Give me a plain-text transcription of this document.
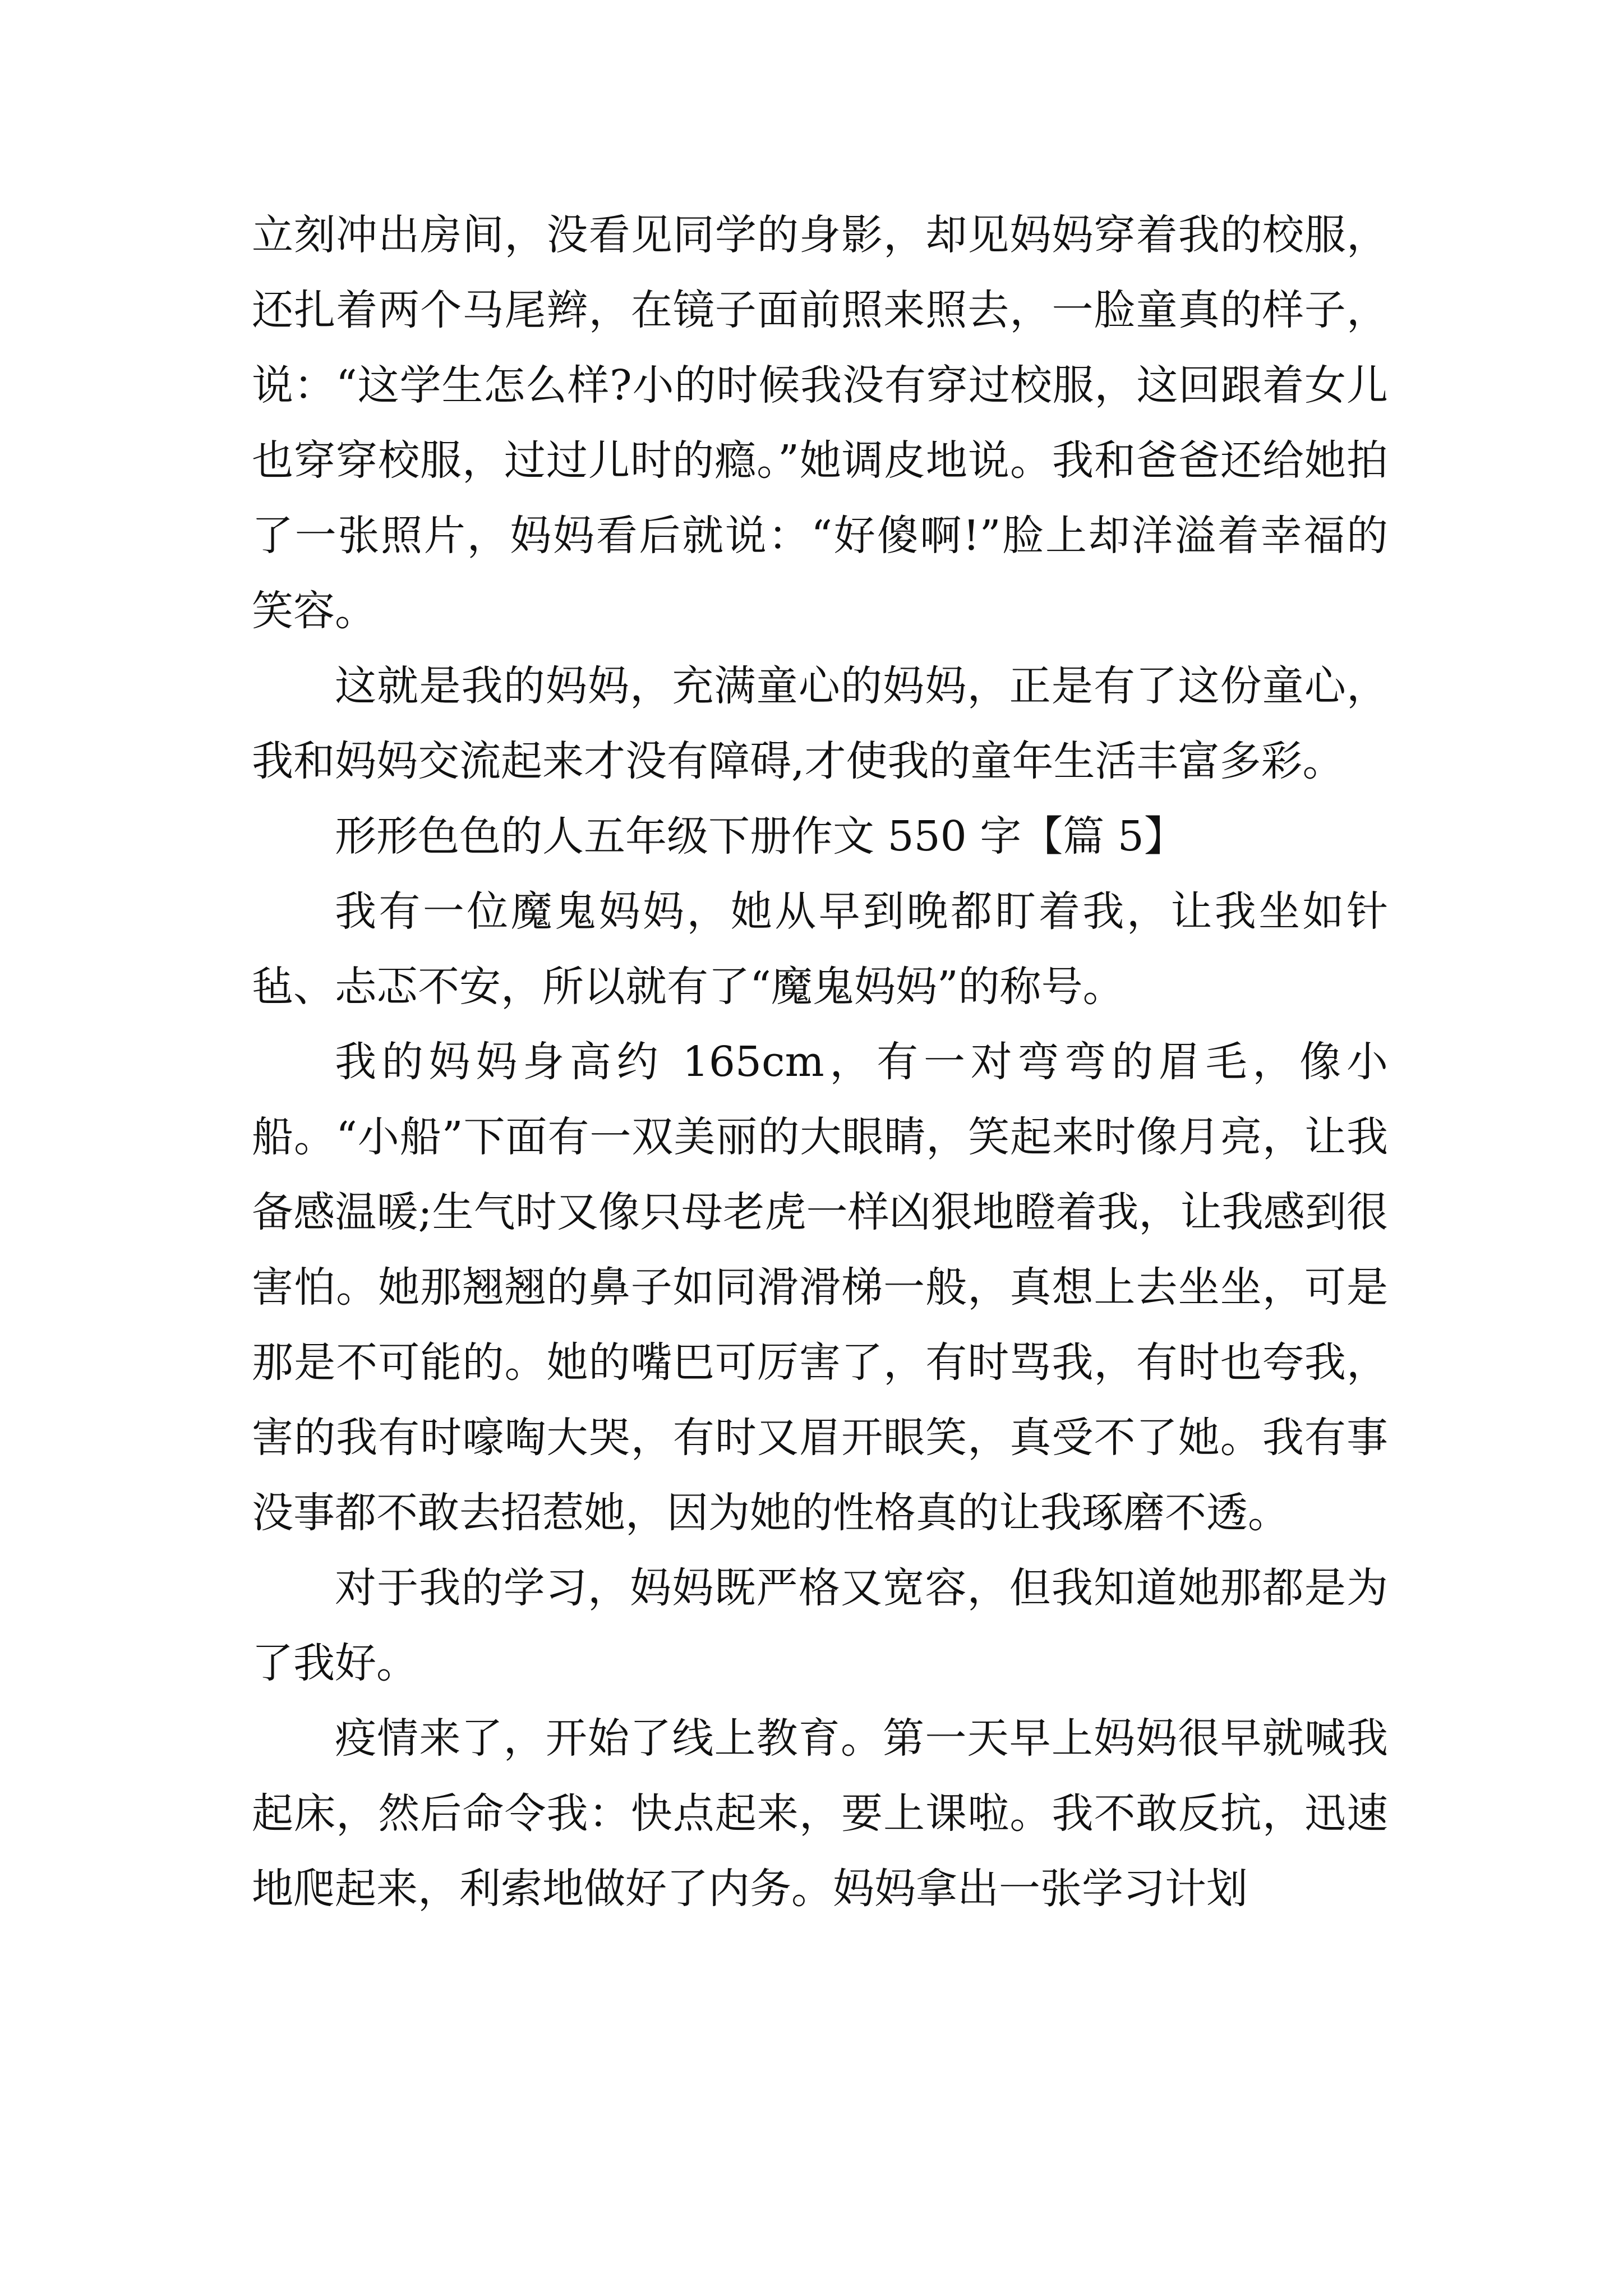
立刻冲出房间，没看见同学的身影，却见妈妈穿着我的校服，还扎着两个马尾辫，在镜子面前照来照去，一脸童真的样子，说：“这学生怎么样?小的时候我没有穿过校服，这回跟着女儿也穿穿校服，过过儿时的瘾。”她调皮地说。我和爸爸还给她拍了一张照片，妈妈看后就说：“好傻啊!”脸上却洋溢着幸福的笑容。

这就是我的妈妈，充满童心的妈妈，正是有了这份童心，我和妈妈交流起来才没有障碍,才使我的童年生活丰富多彩。

形形色色的人五年级下册作文 550 字【篇 5】

我有一位魔鬼妈妈，她从早到晚都盯着我，让我坐如针毡、忐忑不安，所以就有了“魔鬼妈妈”的称号。

我的妈妈身高约 165cm，有一对弯弯的眉毛，像小船。“小船”下面有一双美丽的大眼睛，笑起来时像月亮，让我备感温暖;生气时又像只母老虎一样凶狠地瞪着我，让我感到很害怕。她那翘翘的鼻子如同滑滑梯一般，真想上去坐坐，可是那是不可能的。她的嘴巴可厉害了，有时骂我，有时也夸我，害的我有时嚎啕大哭，有时又眉开眼笑，真受不了她。我有事没事都不敢去招惹她，因为她的性格真的让我琢磨不透。

对于我的学习，妈妈既严格又宽容，但我知道她那都是为了我好。

疫情来了，开始了线上教育。第一天早上妈妈很早就喊我起床，然后命令我：快点起来，要上课啦。我不敢反抗，迅速地爬起来，利索地做好了内务。妈妈拿出一张学习计划
